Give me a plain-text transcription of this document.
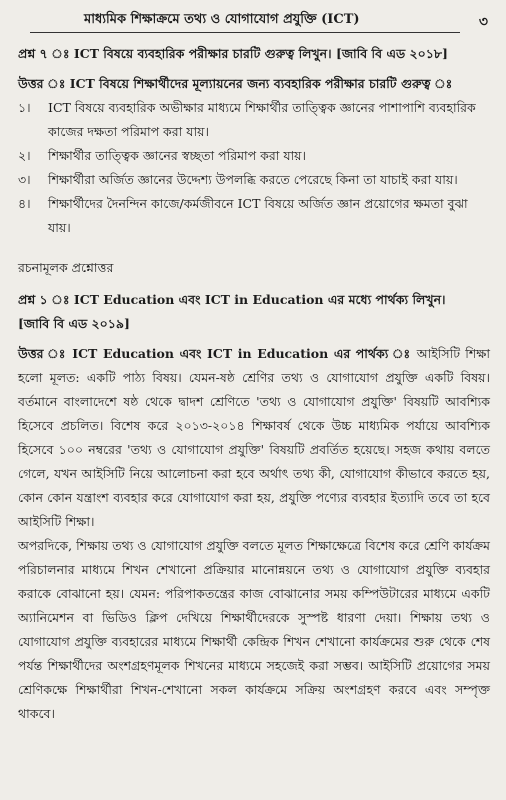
মাধ্যমিক শিক্ষাক্রমে তথ্য ও যোগাযোগ প্রযুক্তি (ICT)	৩

প্রশ্ন ৭ ঃ ICT বিষয়ে ব্যবহারিক পরীক্ষার চারটি গুরুত্ব লিখুন। [জাবি বি এড ২০১৮]

উত্তর ঃ ICT বিষয়ে শিক্ষার্থীদের মূল্যায়নের জন্য ব্যবহারিক পরীক্ষার চারটি গুরুত্ব ঃ

১।	ICT বিষয়ে ব্যবহারিক অভীক্ষার মাধ্যমে শিক্ষার্থীর তাত্ত্বিক জ্ঞানের পাশাপাশি ব্যবহারিক কাজের দক্ষতা পরিমাপ করা যায়।
২।	শিক্ষার্থীর তাত্ত্বিক জ্ঞানের স্বচ্ছতা পরিমাপ করা যায়।
৩।	শিক্ষার্থীরা অর্জিত জ্ঞানের উদ্দেশ্য উপলব্ধি করতে পেরেছে কিনা তা যাচাই করা যায়।
৪।	শিক্ষার্থীদের দৈনন্দিন কাজে/কর্মজীবনে ICT বিষয়ে অর্জিত জ্ঞান প্রয়োগের ক্ষমতা বুঝা যায়।

রচনামূলক প্রশ্নোত্তর

প্রশ্ন ১ ঃ ICT Education এবং ICT in Education এর মধ্যে পার্থক্য লিখুন।
[জাবি বি এড ২০১৯]

উত্তর ঃ ICT Education এবং ICT in Education এর পার্থক্য ঃ আইসিটি শিক্ষা হলো মূলত: একটি পাঠ্য বিষয়। যেমন-ষষ্ঠ শ্রেণির তথ্য ও যোগাযোগ প্রযুক্তি একটি বিষয়। বর্তমানে বাংলাদেশে ষষ্ঠ থেকে দ্বাদশ শ্রেণিতে 'তথ্য ও যোগাযোগ প্রযুক্তি' বিষয়টি আবশ্যিক হিসেবে প্রচলিত। বিশেষ করে ২০১৩-২০১৪ শিক্ষাবর্ষ থেকে উচ্চ মাধ্যমিক পর্যায়ে আবশ্যিক হিসেবে ১০০ নম্বরের 'তথ্য ও যোগাযোগ প্রযুক্তি' বিষয়টি প্রবর্তিত হয়েছে। সহজ কথায় বলতে গেলে, যখন আইসিটি নিয়ে আলোচনা করা হবে অর্থাৎ তথ্য কী, যোগাযোগ কীভাবে করতে হয়, কোন কোন যন্ত্রাংশ ব্যবহার করে যোগাযোগ করা হয়, প্রযুক্তি পণ্যের ব্যবহার ইত্যাদি তবে তা হবে আইসিটি শিক্ষা।

অপরদিকে, শিক্ষায় তথ্য ও যোগাযোগ প্রযুক্তি বলতে মূলত শিক্ষাক্ষেত্রে বিশেষ করে শ্রেণি কার্যক্রম পরিচালনার মাধ্যমে শিখন শেখানো প্রক্রিয়ার মানোন্নয়নে তথ্য ও যোগাযোগ প্রযুক্তি ব্যবহার করাকে বোঝানো হয়। যেমন: পরিপাকতন্ত্রের কাজ বোঝানোর সময় কম্পিউটারের মাধ্যমে একটি অ্যানিমেশন বা ভিডিও ক্লিপ দেখিয়ে শিক্ষার্থীদেরকে সুস্পষ্ট ধারণা দেয়া। শিক্ষায় তথ্য ও যোগাযোগ প্রযুক্তি ব্যবহারের মাধ্যমে শিক্ষার্থী কেন্দ্রিক শিখন শেখানো কার্যক্রমের শুরু থেকে শেষ পর্যন্ত শিক্ষার্থীদের অংশগ্রহণমূলক শিখনের মাধ্যমে সহজেই করা সম্ভব। আইসিটি প্রয়োগের সময় শ্রেণিকক্ষে শিক্ষার্থীরা শিখন-শেখানো সকল কার্যক্রমে সক্রিয় অংশগ্রহণ করবে এবং সম্পৃক্ত থাকবে।
